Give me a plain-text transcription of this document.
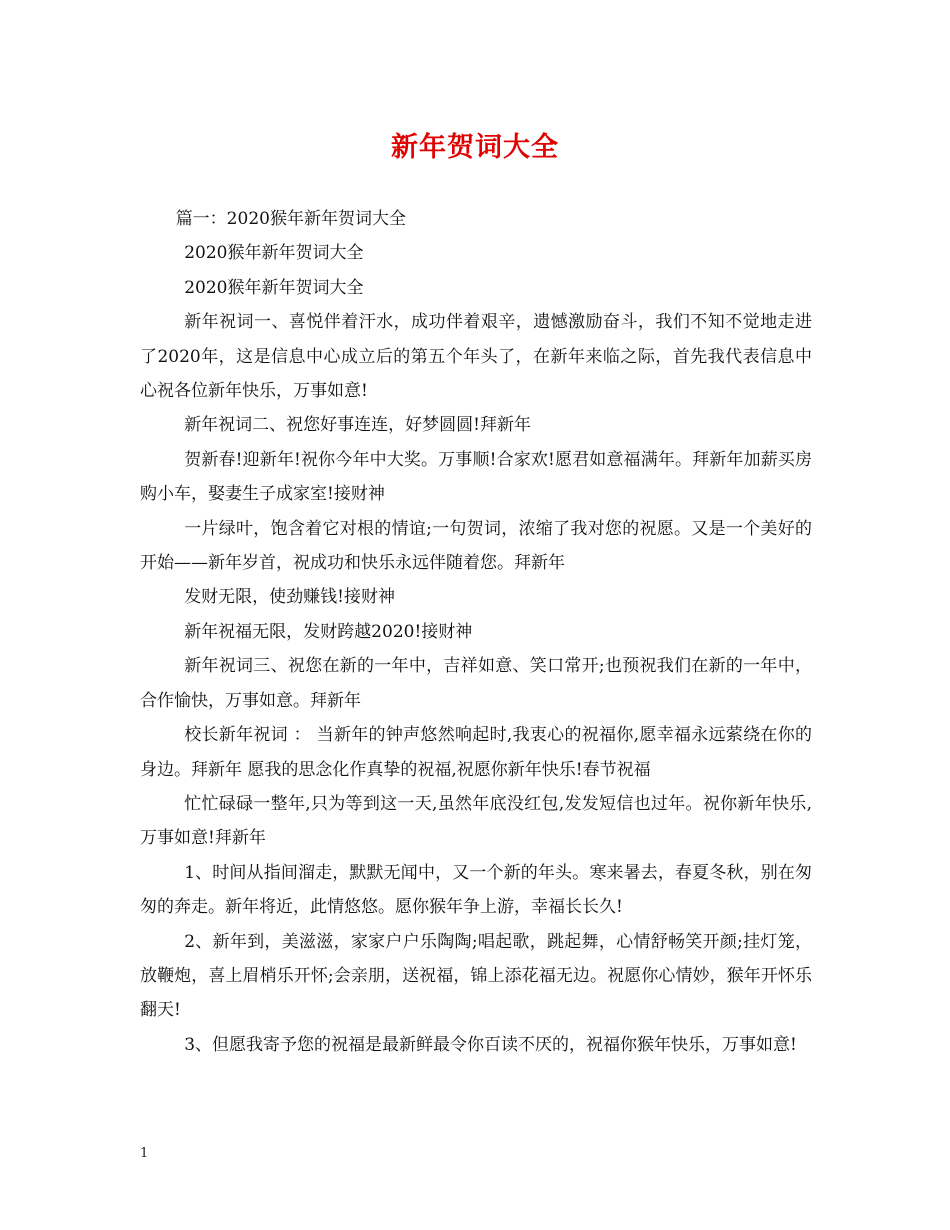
新年贺词大全

篇一：2020猴年新年贺词大全

2020猴年新年贺词大全

2020猴年新年贺词大全

新年祝词一、喜悦伴着汗水，成功伴着艰辛，遗憾激励奋斗，我们不知不觉地走进了2020年，这是信息中心成立后的第五个年头了，在新年来临之际，首先我代表信息中心祝各位新年快乐，万事如意!

新年祝词二、祝您好事连连，好梦圆圆!拜新年

贺新春!迎新年!祝你今年中大奖。万事顺!合家欢!愿君如意福满年。拜新年加薪买房购小车，娶妻生子成家室!接财神

一片绿叶，饱含着它对根的情谊;一句贺词，浓缩了我对您的祝愿。又是一个美好的开始——新年岁首，祝成功和快乐永远伴随着您。拜新年

发财无限，使劲赚钱!接财神

新年祝福无限，发财跨越2020!接财神

新年祝词三、祝您在新的一年中，吉祥如意、笑口常开;也预祝我们在新的一年中，合作愉快，万事如意。拜新年

校长新年祝词 ： 当新年的钟声悠然响起时,我衷心的祝福你,愿幸福永远萦绕在你的身边。拜新年 愿我的思念化作真挚的祝福,祝愿你新年快乐!春节祝福

忙忙碌碌一整年,只为等到这一天,虽然年底没红包,发发短信也过年。祝你新年快乐,万事如意!拜新年

1、时间从指间溜走，默默无闻中，又一个新的年头。寒来暑去，春夏冬秋，别在匆匆的奔走。新年将近，此情悠悠。愿你猴年争上游，幸福长长久!

2、新年到，美滋滋，家家户户乐陶陶;唱起歌，跳起舞，心情舒畅笑开颜;挂灯笼，放鞭炮，喜上眉梢乐开怀;会亲朋，送祝福，锦上添花福无边。祝愿你心情妙，猴年开怀乐翻天!

3、但愿我寄予您的祝福是最新鲜最令你百读不厌的，祝福你猴年快乐，万事如意!

1
